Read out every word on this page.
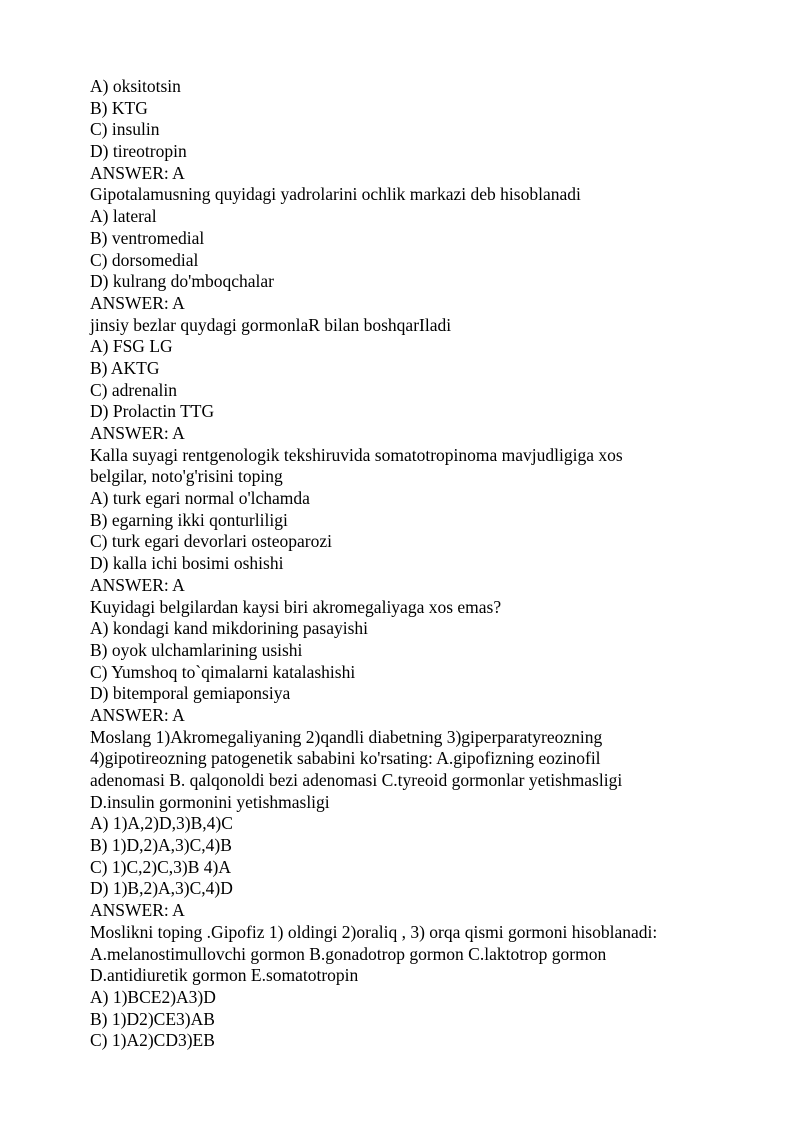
A) oksitotsin
B) KTG
C) insulin
D) tireotropin
ANSWER: A
Gipotalamusning quyidagi yadrolarini ochlik markazi deb hisoblanadi
A) lateral
B) ventromedial
C) dorsomedial
D) kulrang do'mboqchalar
ANSWER: A
jinsiy bezlar quydagi gormonlaR bilan boshqarIladi
A) FSG LG
B) AKTG
C) adrenalin
D) Prolactin TTG
ANSWER: A
Kalla suyagi rentgenologik tekshiruvida somatotropinoma mavjudligiga xos
belgilar, noto'g'risini toping
A) turk egari normal o'lchamda
B) egarning ikki qonturliligi
C) turk egari devorlari osteoparozi
D) kalla ichi bosimi oshishi
ANSWER: A
Kuyidagi belgilardan kaysi biri akromegaliyaga xos emas?
A) kondagi kand mikdorining pasayishi
B) oyok ulchamlarining usishi
C) Yumshoq to`qimalarni katalashishi
D) bitemporal gemiaponsiya
ANSWER: A
Moslang 1)Akromegaliyaning 2)qandli diabetning 3)giperparatyreozning
4)gipotireozning patogenetik sababini ko'rsating: A.gipofizning eozinofil
adenomasi B. qalqonoldi bezi adenomasi C.tyreoid gormonlar yetishmasligi
D.insulin gormonini yetishmasligi
A) 1)A,2)D,3)B,4)C
B) 1)D,2)A,3)C,4)B
C) 1)C,2)C,3)B 4)A
D) 1)B,2)A,3)C,4)D
ANSWER: A
Moslikni toping .Gipofiz 1) oldingi 2)oraliq , 3) orqa qismi gormoni hisoblanadi:
A.melanostimullovchi gormon B.gonadotrop gormon C.laktotrop gormon
D.antidiuretik gormon E.somatotropin
A) 1)BCE2)A3)D
B) 1)D2)CE3)AB
C) 1)A2)CD3)EB
